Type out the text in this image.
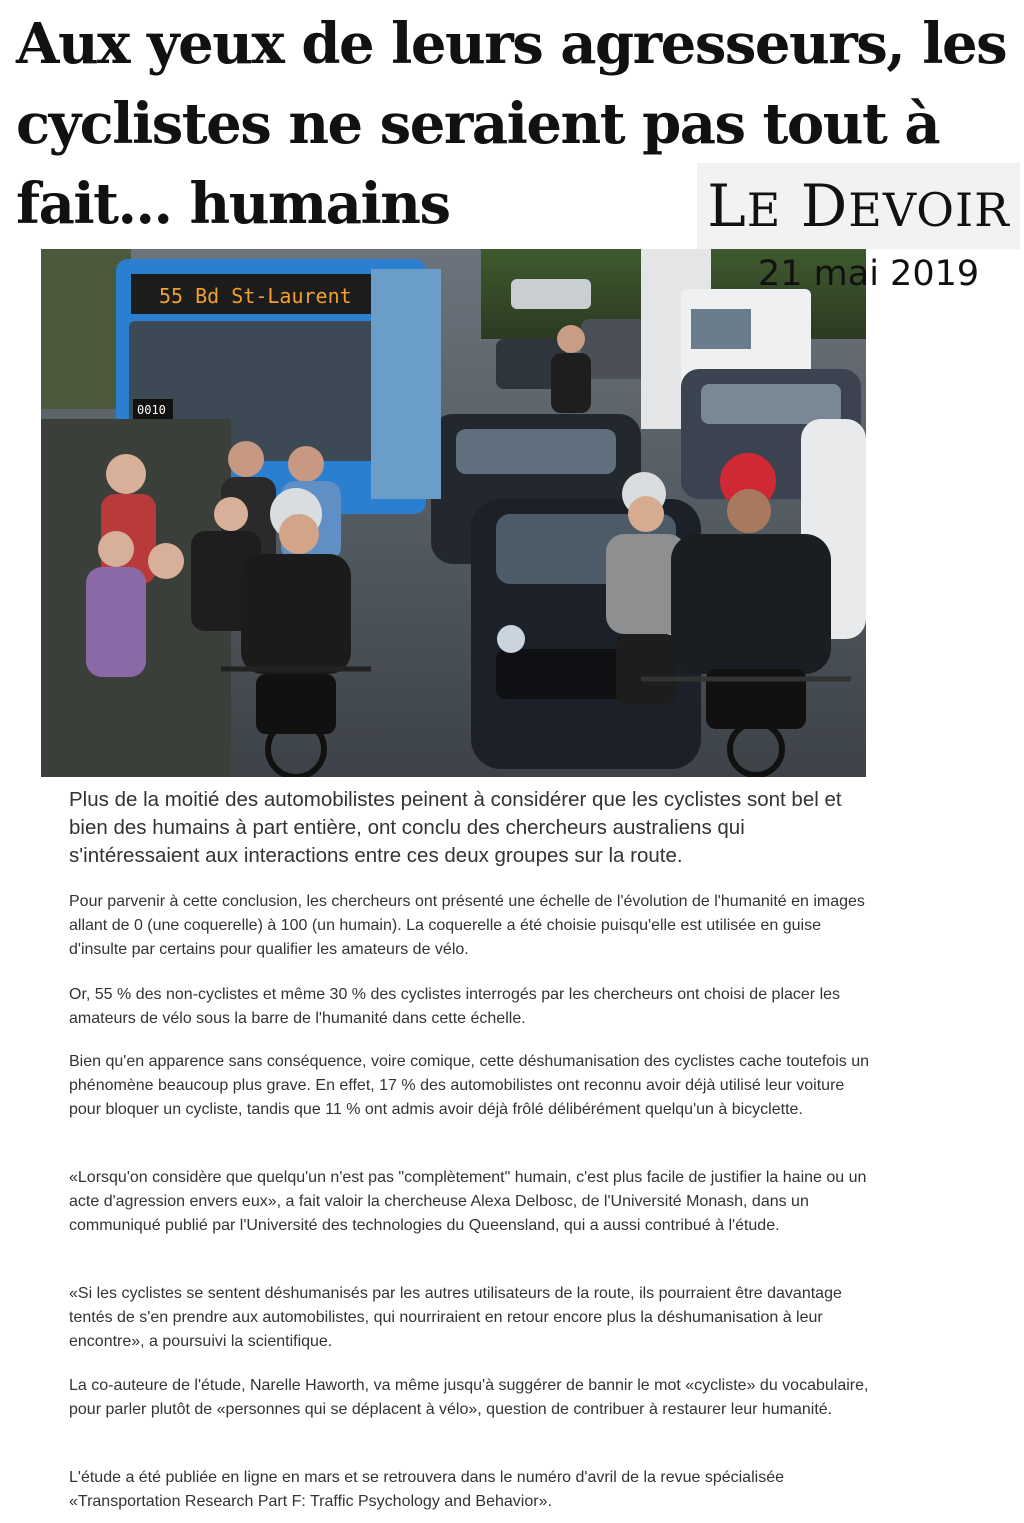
Aux yeux de leurs agresseurs, les cyclistes ne seraient pas tout à fait... humains	LE DEVOIR
21 mai 2019
55 Bd St-Laurent
0010

Plus de la moitié des automobilistes peinent à considérer que les cyclistes sont bel et bien des humains à part entière, ont conclu des chercheurs australiens qui s'intéressaient aux interactions entre ces deux groupes sur la route.

Pour parvenir à cette conclusion, les chercheurs ont présenté une échelle de l'évolution de l'humanité en images allant de 0 (une coquerelle) à 100 (un humain). La coquerelle a été choisie puisqu'elle est utilisée en guise d'insulte par certains pour qualifier les amateurs de vélo.

Or, 55 % des non-cyclistes et même 30 % des cyclistes interrogés par les chercheurs ont choisi de placer les amateurs de vélo sous la barre de l'humanité dans cette échelle.

Bien qu'en apparence sans conséquence, voire comique, cette déshumanisation des cyclistes cache toutefois un phénomène beaucoup plus grave. En effet, 17 % des automobilistes ont reconnu avoir déjà utilisé leur voiture pour bloquer un cycliste, tandis que 11 % ont admis avoir déjà frôlé délibérément quelqu'un à bicyclette.

«Lorsqu'on considère que quelqu'un n'est pas "complètement" humain, c'est plus facile de justifier la haine ou un acte d'agression envers eux», a fait valoir la chercheuse Alexa Delbosc, de l'Université Monash, dans un communiqué publié par l'Université des technologies du Queensland, qui a aussi contribué à l'étude.

«Si les cyclistes se sentent déshumanisés par les autres utilisateurs de la route, ils pourraient être davantage tentés de s'en prendre aux automobilistes, qui nourriraient en retour encore plus la déshumanisation à leur encontre», a poursuivi la scientifique.

La co-auteure de l'étude, Narelle Haworth, va même jusqu'à suggérer de bannir le mot «cycliste» du vocabulaire, pour parler plutôt de «personnes qui se déplacent à vélo», question de contribuer à restaurer leur humanité.

L'étude a été publiée en ligne en mars et se retrouvera dans le numéro d'avril de la revue spécialisée «Transportation Research Part F: Traffic Psychology and Behavior».
